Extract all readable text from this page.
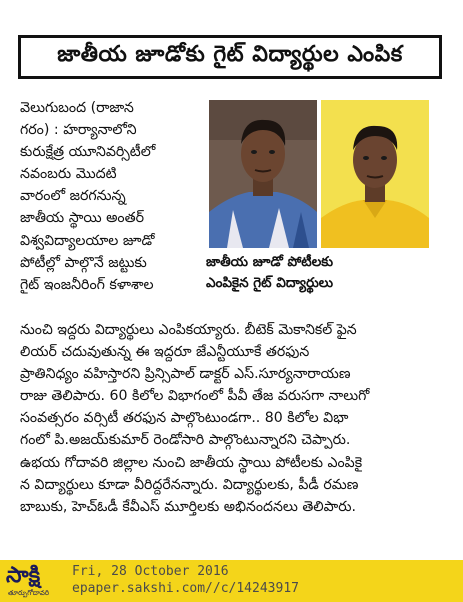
జాతీయ జూడోకు గైట్ విద్యార్థుల ఎంపిక
వెలుగుబంద (రాజాన
గరం) : హర్యానాలోని
కురుక్షేత్ర యూనివర్సిటీలో
నవంబరు మొదటి
వారంలో జరగనున్న
జాతీయ స్థాయి అంతర్
విశ్వవిద్యాలయాల జూడో
పోటీల్లో పాల్గొనే జట్టుకు
గైట్ ఇంజనీరింగ్ కళాశాల
జాతీయ జూడో పోటీలకు
ఎంపికైన గైట్ విద్యార్థులు
నుంచి ఇద్దరు విద్యార్థులు ఎంపికయ్యారు. బీటెక్ మెకానికల్ ఫైన
లియర్ చదువుతున్న ఈ ఇద్దరూ జేఎన్టీయూకే తరఫున
ప్రాతినిధ్యం వహిస్తారని ప్రిన్సిపాల్ డాక్టర్ ఎస్.సూర్యనారాయణ
రాజు తెలిపారు. 60 కిలోల విభాగంలో పీవీ తేజ వరుసగా నాలుగో
సంవత్సరం వర్సిటీ తరఫున పాల్గొంటుండగా.. 80 కిలోల విభా
గంలో పి.అజయ్‌కుమార్ రెండోసారి పాల్గొంటున్నారని చెప్పారు.
ఉభయ గోదావరి జిల్లాల నుంచి జాతీయ స్థాయి పోటీలకు ఎంపికై
న విద్యార్థులు కూడా వీరిద్దరేనన్నారు. విద్యార్థులకు, పీడీ రమణ
బాబుకు, హెచ్ఓడీ కేవీఎస్ మూర్తిలకు అభినందనలు తెలిపారు.
సాక్షి
తూర్పుగోదావరి
Fri, 28 October 2016
epaper.sakshi.com//c/14243917
